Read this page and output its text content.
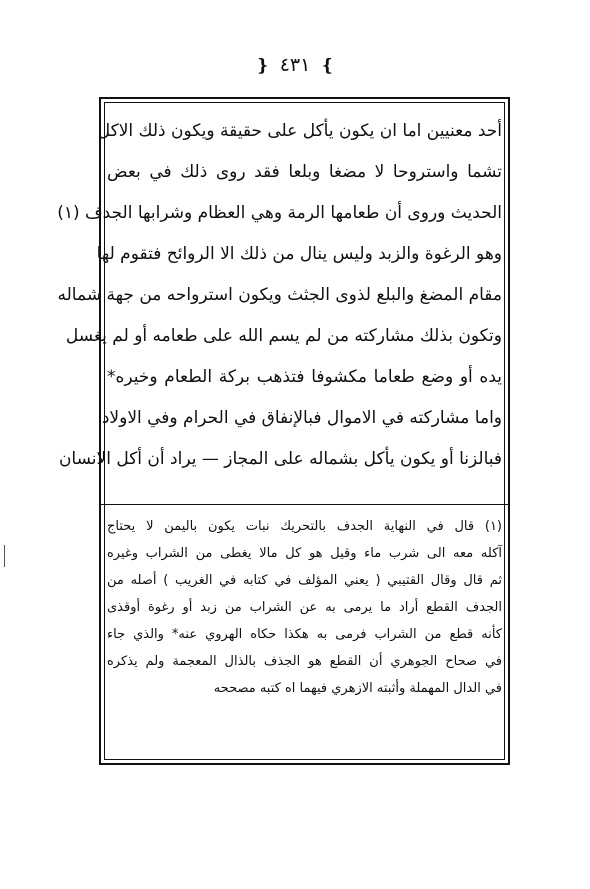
❵ ٤٣١ ❴
أحد معنيين اما ان يكون يأكل على حقيقة ويكون ذلك الاكل
تشما واستروحا لا مضغا وبلعا فقد روى ذلك في بعض
الحديث وروى أن طعامها الرمة وهي العظام وشرابها الجدف (١)
وهو الرغوة والزبد وليس ينال من ذلك الا الروائح فتقوم لها
مقام المضغ والبلع لذوى الجثث ويكون استرواحه من جهة شماله
وتكون بذلك مشاركته من لم يسم الله على طعامه أو لم يغسل
يده أو وضع طعاما مكشوفا فتذهب بركة الطعام وخيره*
واما مشاركته في الاموال فبالإنفاق في الحرام وفي الاولاد
فبالزنا أو يكون يأكل بشماله على المجاز — يراد أن أكل الانسان
(١) قال في النهاية الجدف بالتحريك نبات يكون باليمن لا يحتاج
آكله معه الى شرب ماء وقيل هو كل مالا يغطى من الشراب وغيره
ثم قال وقال القتيبي ( يعني المؤلف في كتابه في الغريب ) أصله من
الجدف القطع أراد ما يرمى به عن الشراب من زبد أو رغوة أوقذى
كأنه قطع من الشراب فرمى به هكذا حكاه الهروي عنه* والذي جاء
في صحاح الجوهري أن القطع هو الجذف بالذال المعجمة ولم يذكره
في الدال المهملة وأثبته الازهري فيهما اه كتبه مصححه
